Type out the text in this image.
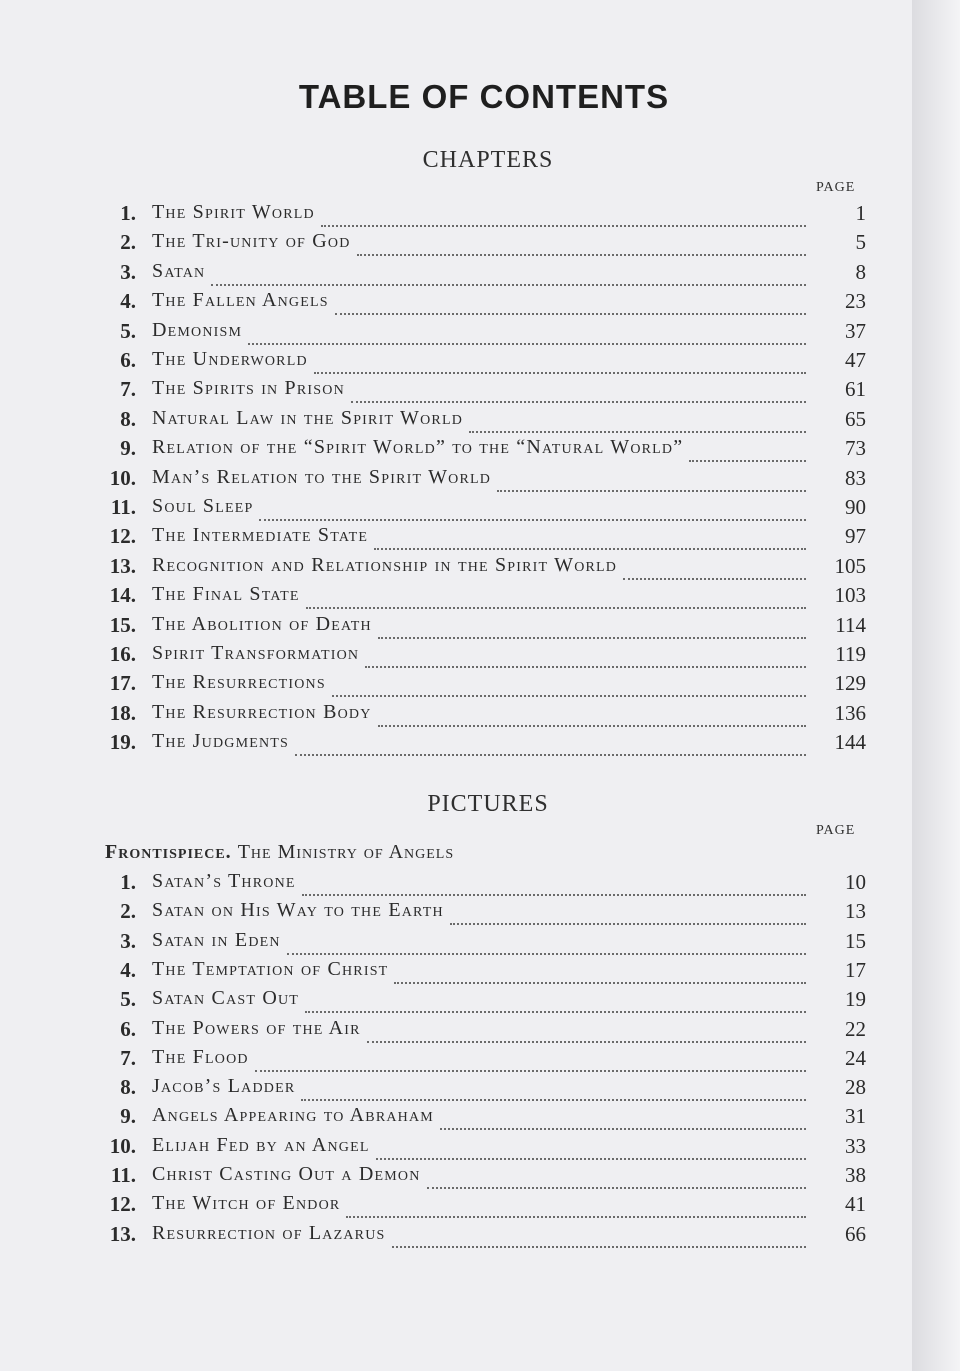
TABLE OF CONTENTS
CHAPTERS
PAGE
1. The Spirit World	1
2. The Tri-unity of God	5
3. Satan	8
4. The Fallen Angels	23
5. Demonism	37
6. The Underworld	47
7. The Spirits in Prison	61
8. Natural Law in the Spirit World	65
9. Relation of the “Spirit World” to the “Natural World”	73
10. Man’s Relation to the Spirit World	83
11. Soul Sleep	90
12. The Intermediate State	97
13. Recognition and Relationship in the Spirit World	105
14. The Final State	103
15. The Abolition of Death	114
16. Spirit Transformation	119
17. The Resurrections	129
18. The Resurrection Body	136
19. The Judgments	144
PICTURES
PAGE
Frontispiece. The Ministry of Angels
1. Satan’s Throne	10
2. Satan on His Way to the Earth	13
3. Satan in Eden	15
4. The Temptation of Christ	17
5. Satan Cast Out	19
6. The Powers of the Air	22
7. The Flood	24
8. Jacob’s Ladder	28
9. Angels Appearing to Abraham	31
10. Elijah Fed by an Angel	33
11. Christ Casting Out a Demon	38
12. The Witch of Endor	41
13. Resurrection of Lazarus	66
